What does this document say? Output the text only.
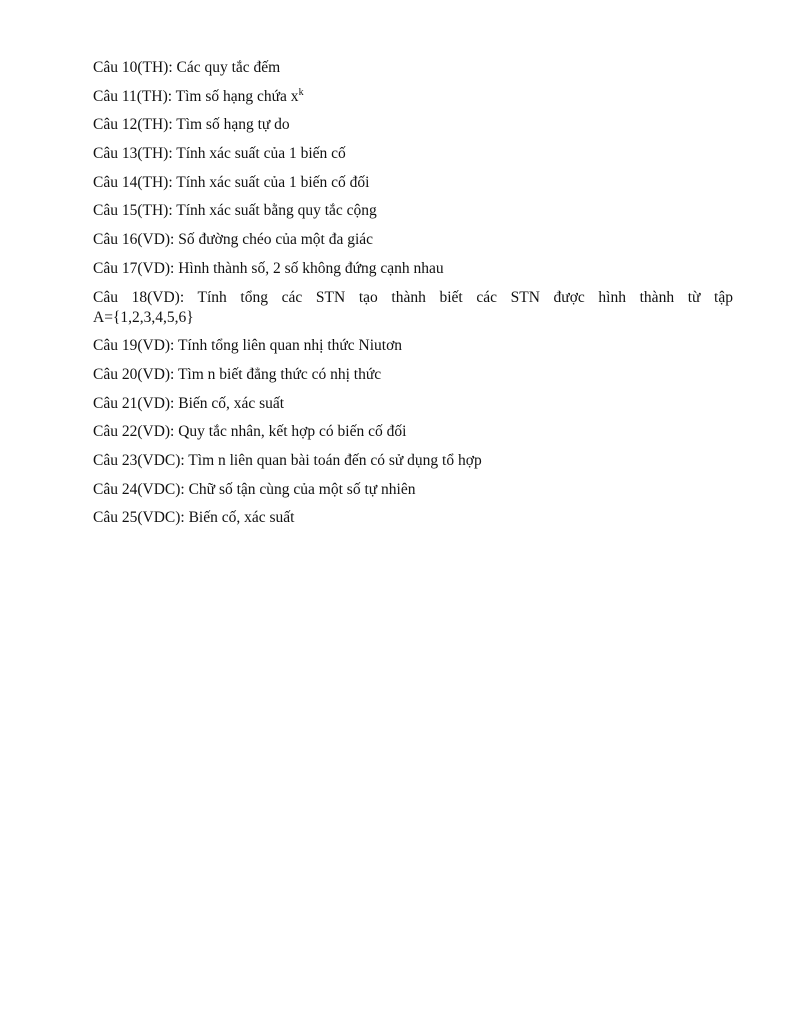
Câu 10(TH): Các quy tắc đếm
Câu 11(TH): Tìm số hạng chứa $x^k$
Câu 12(TH): Tìm số hạng tự do
Câu 13(TH): Tính xác suất của 1 biến cố
Câu 14(TH): Tính xác suất của 1 biến cố đối
Câu 15(TH): Tính xác suất bằng quy tắc cộng
Câu 16(VD): Số đường chéo của một đa giác
Câu 17(VD): Hình thành số, 2 số không đứng cạnh nhau
Câu 18(VD): Tính tổng các STN tạo thành biết các STN được hình thành từ tập
A={1,2,3,4,5,6}
Câu 19(VD): Tính tổng liên quan nhị thức Niutơn
Câu 20(VD): Tìm n biết đẳng thức có nhị thức
Câu 21(VD): Biến cố, xác suất
Câu 22(VD): Quy tắc nhân, kết hợp có biến cố đối
Câu 23(VDC): Tìm n liên quan bài toán đến có sử dụng tổ hợp
Câu 24(VDC): Chữ số tận cùng của một số tự nhiên
Câu 25(VDC): Biến cố, xác suất
